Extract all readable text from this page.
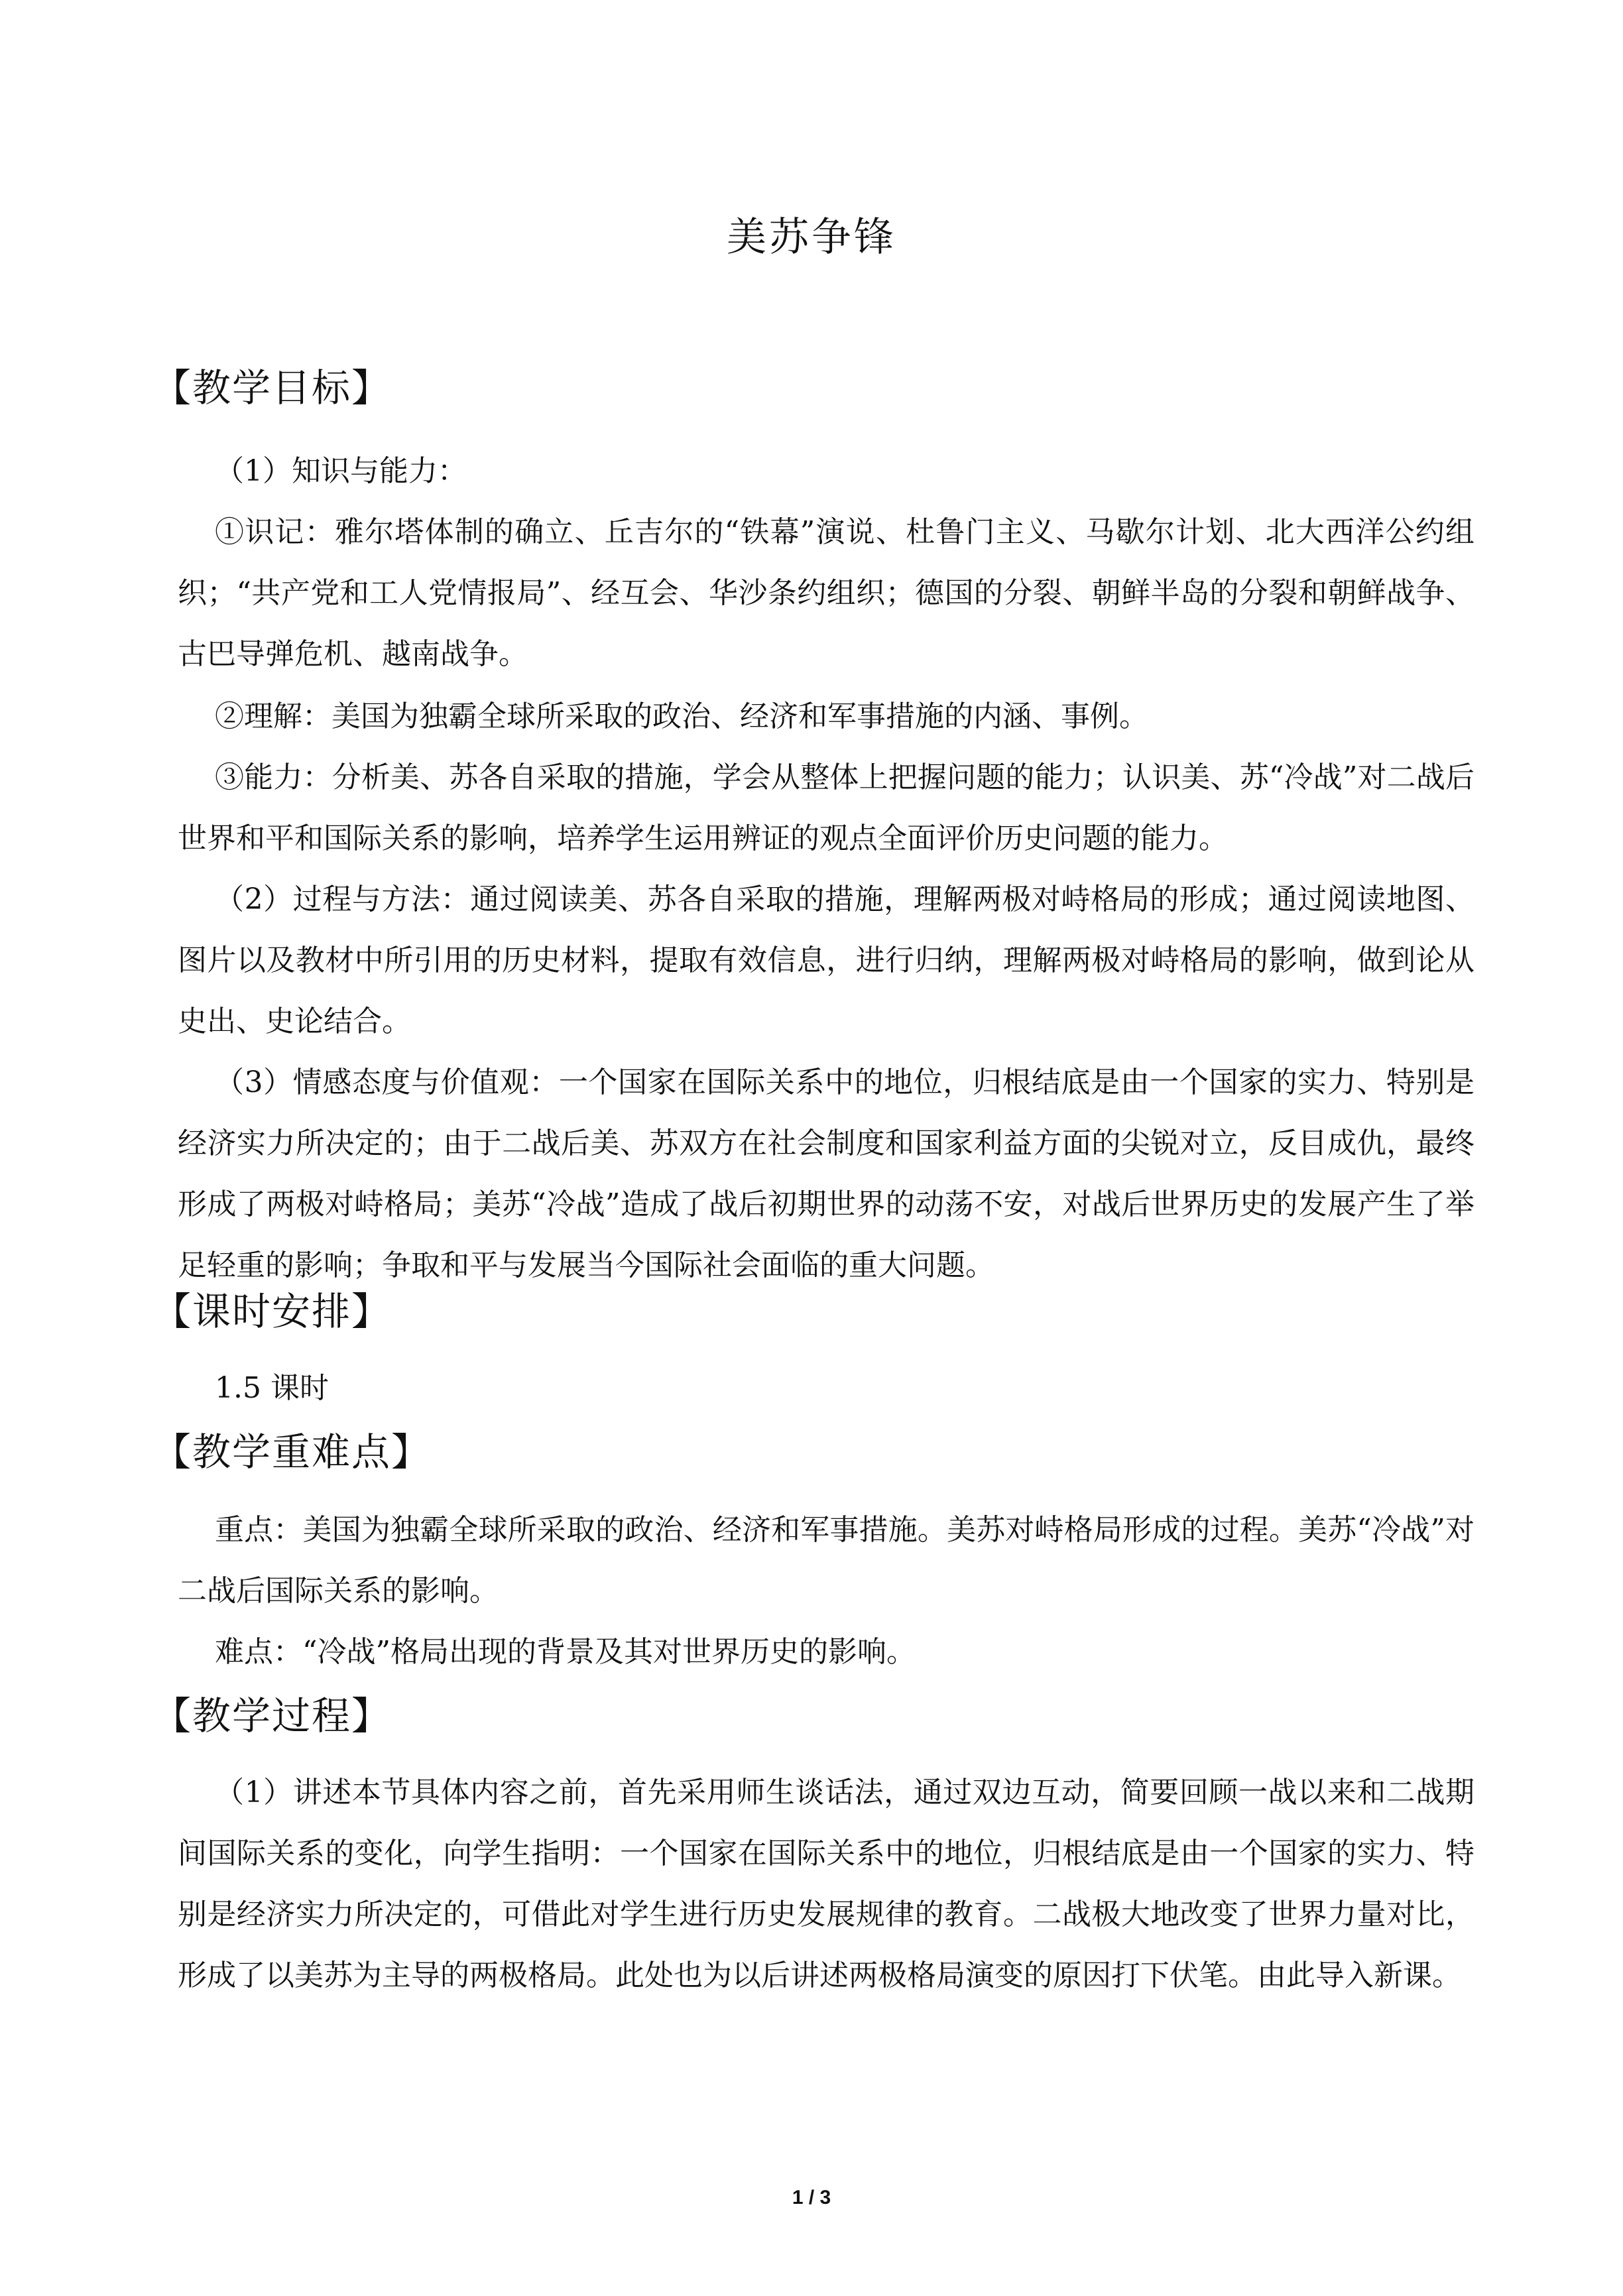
美苏争锋
【教学目标】
（1）知识与能力：
①识记：雅尔塔体制的确立、丘吉尔的“铁幕”演说、杜鲁门主义、马歇尔计划、北大西洋公约组织；“共产党和工人党情报局”、经互会、华沙条约组织；德国的分裂、朝鲜半岛的分裂和朝鲜战争、古巴导弹危机、越南战争。
②理解：美国为独霸全球所采取的政治、经济和军事措施的内涵、事例。
③能力：分析美、苏各自采取的措施，学会从整体上把握问题的能力；认识美、苏“冷战”对二战后世界和平和国际关系的影响，培养学生运用辨证的观点全面评价历史问题的能力。
（2）过程与方法：通过阅读美、苏各自采取的措施，理解两极对峙格局的形成；通过阅读地图、图片以及教材中所引用的历史材料，提取有效信息，进行归纳，理解两极对峙格局的影响，做到论从史出、史论结合。
（3）情感态度与价值观：一个国家在国际关系中的地位，归根结底是由一个国家的实力、特别是经济实力所决定的；由于二战后美、苏双方在社会制度和国家利益方面的尖锐对立，反目成仇，最终形成了两极对峙格局；美苏“冷战”造成了战后初期世界的动荡不安，对战后世界历史的发展产生了举足轻重的影响；争取和平与发展当今国际社会面临的重大问题。
【课时安排】
1.5 课时
【教学重难点】
重点：美国为独霸全球所采取的政治、经济和军事措施。美苏对峙格局形成的过程。美苏“冷战”对二战后国际关系的影响。
难点：“冷战”格局出现的背景及其对世界历史的影响。
【教学过程】
（1）讲述本节具体内容之前，首先采用师生谈话法，通过双边互动，简要回顾一战以来和二战期间国际关系的变化，向学生指明：一个国家在国际关系中的地位，归根结底是由一个国家的实力、特别是经济实力所决定的，可借此对学生进行历史发展规律的教育。二战极大地改变了世界力量对比，形成了以美苏为主导的两极格局。此处也为以后讲述两极格局演变的原因打下伏笔。由此导入新课。
1 / 3
